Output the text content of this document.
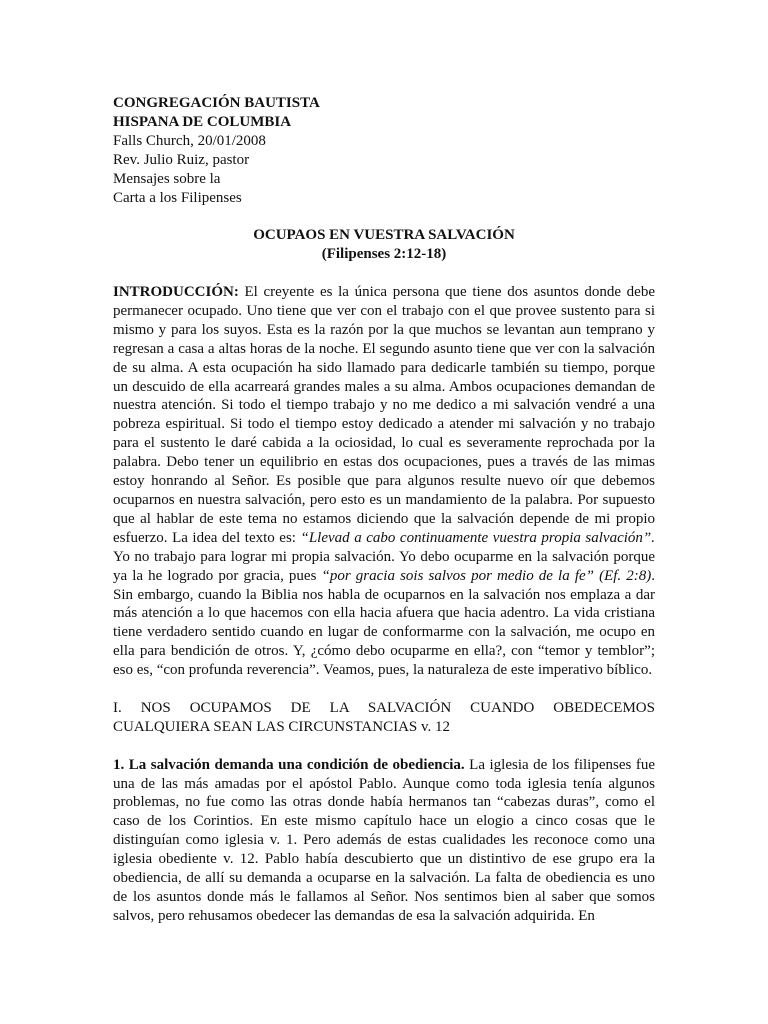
CONGREGACIÓN BAUTISTA
HISPANA DE COLUMBIA
Falls Church, 20/01/2008
Rev. Julio Ruiz, pastor
Mensajes sobre la
Carta a los Filipenses
OCUPAOS EN VUESTRA SALVACIÓN
(Filipenses 2:12-18)

INTRODUCCIÓN: El creyente es la única persona que tiene dos asuntos donde debe permanecer ocupado. Uno tiene que ver con el trabajo con el que provee sustento para si mismo y para los suyos. Esta es la razón por la que muchos se levantan aun temprano y regresan a casa a altas horas de la noche. El segundo asunto tiene que ver con la salvación de su alma. A esta ocupación ha sido llamado para dedicarle también su tiempo, porque un descuido de ella acarreará grandes males a su alma. Ambos ocupaciones demandan de nuestra atención. Si todo el tiempo trabajo y no me dedico a mi salvación vendré a una pobreza espiritual. Si todo el tiempo estoy dedicado a atender mi salvación y no trabajo para el sustento le daré cabida a la ociosidad, lo cual es severamente reprochada por la palabra. Debo tener un equilibrio en estas dos ocupaciones, pues a través de las mimas estoy honrando al Señor. Es posible que para algunos resulte nuevo oír que debemos ocuparnos en nuestra salvación, pero esto es un mandamiento de la palabra. Por supuesto que al hablar de este tema no estamos diciendo que la salvación depende de mi propio esfuerzo. La idea del texto es: “Llevad a cabo continuamente vuestra propia salvación”. Yo no trabajo para lograr mi propia salvación. Yo debo ocuparme en la salvación porque ya la he logrado por gracia, pues “por gracia sois salvos por medio de la fe” (Ef. 2:8). Sin embargo, cuando la Biblia nos habla de ocuparnos en la salvación nos emplaza a dar más atención a lo que hacemos con ella hacia afuera que hacia adentro. La vida cristiana tiene verdadero sentido cuando en lugar de conformarme con la salvación, me ocupo en ella para bendición de otros. Y, ¿cómo debo ocuparme en ella?, con “temor y temblor”; eso es, “con profunda reverencia”. Veamos, pues, la naturaleza de este imperativo bíblico.

I. NOS OCUPAMOS DE LA SALVACIÓN CUANDO OBEDECEMOS
CUALQUIERA SEAN LAS CIRCUNSTANCIAS v. 12

1. La salvación demanda una condición de obediencia. La iglesia de los filipenses fue una de las más amadas por el apóstol Pablo. Aunque como toda iglesia tenía algunos problemas, no fue como las otras donde había hermanos tan “cabezas duras”, como el caso de los Corintios. En este mismo capítulo hace un elogio a cinco cosas que le distinguían como iglesia v. 1. Pero además de estas cualidades les reconoce como una iglesia obediente v. 12. Pablo había descubierto que un distintivo de ese grupo era la obediencia, de allí su demanda a ocuparse en la salvación. La falta de obediencia es uno de los asuntos donde más le fallamos al Señor. Nos sentimos bien al saber que somos salvos, pero rehusamos obedecer las demandas de esa la salvación adquirida. En
